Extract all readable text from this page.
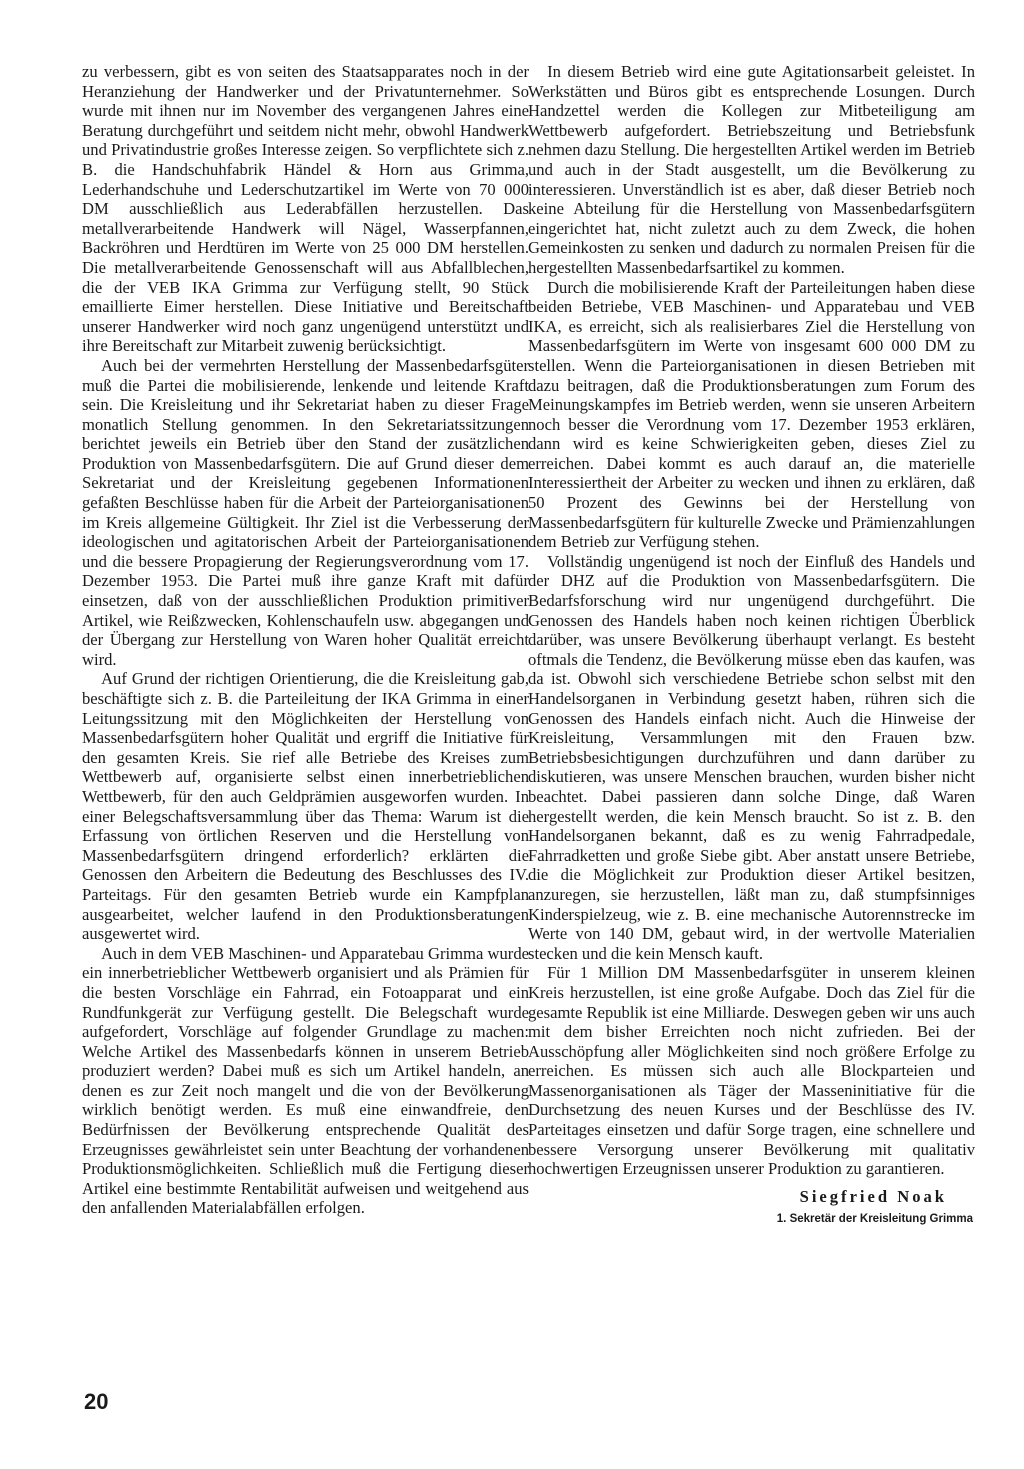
zu verbessern, gibt es von seiten des Staatsapparates noch in der Heranziehung der Handwerker und der Privatunternehmer. So wurde mit ihnen nur im November des vergangenen Jahres eine Beratung durchgeführt und seitdem nicht mehr, obwohl Handwerk und Privatindustrie großes Interesse zeigen. So verpflichtete sich z. B. die Handschuhfabrik Händel & Horn aus Grimma, Lederhandschuhe und Lederschutzartikel im Werte von 70 000 DM ausschließlich aus Lederabfällen herzustellen. Das metallverarbeitende Handwerk will Nägel, Wasserpfannen, Backröhren und Herdtüren im Werte von 25 000 DM herstellen. Die metallverarbeitende Genossenschaft will aus Abfallblechen, die der VEB IKA Grimma zur Verfügung stellt, 90 Stück emaillierte Eimer herstellen. Diese Initiative und Bereitschaft unserer Handwerker wird noch ganz ungenügend unterstützt und ihre Bereitschaft zur Mitarbeit zuwenig berücksichtigt.

Auch bei der vermehrten Herstellung der Massenbedarfsgüter muß die Partei die mobilisierende, lenkende und leitende Kraft sein. Die Kreisleitung und ihr Sekretariat haben zu dieser Frage monatlich Stellung genommen. In den Sekretariatssitzungen berichtet jeweils ein Betrieb über den Stand der zusätzlichen Produktion von Massenbedarfsgütern. Die auf Grund dieser dem Sekretariat und der Kreisleitung gegebenen Informationen gefaßten Beschlüsse haben für die Arbeit der Parteiorganisationen im Kreis allgemeine Gültigkeit. Ihr Ziel ist die Verbesserung der ideologischen und agitatorischen Arbeit der Parteiorganisationen und die bessere Propagierung der Regierungsverordnung vom 17. Dezember 1953. Die Partei muß ihre ganze Kraft mit dafür einsetzen, daß von der ausschließlichen Produktion primitiver Artikel, wie Reißzwecken, Kohlenschaufeln usw. abgegangen und der Übergang zur Herstellung von Waren hoher Qualität erreicht wird.

Auf Grund der richtigen Orientierung, die die Kreisleitung gab, beschäftigte sich z. B. die Parteileitung der IKA Grimma in einer Leitungssitzung mit den Möglichkeiten der Herstellung von Massenbedarfsgütern hoher Qualität und ergriff die Initiative für den gesamten Kreis. Sie rief alle Betriebe des Kreises zum Wettbewerb auf, organisierte selbst einen innerbetrieblichen Wettbewerb, für den auch Geldprämien ausgeworfen wurden. In einer Belegschaftsversammlung über das Thema: Warum ist die Erfassung von örtlichen Reserven und die Herstellung von Massenbedarfsgütern dringend erforderlich? erklärten die Genossen den Arbeitern die Bedeutung des Beschlusses des IV. Parteitags. Für den gesamten Betrieb wurde ein Kampfplan ausgearbeitet, welcher laufend in den Produktionsberatungen ausgewertet wird.

Auch in dem VEB Maschinen- und Apparatebau Grimma wurde ein innerbetrieblicher Wettbewerb organisiert und als Prämien für die besten Vorschläge ein Fahrrad, ein Fotoapparat und ein Rundfunkgerät zur Verfügung gestellt. Die Belegschaft wurde aufgefordert, Vorschläge auf folgender Grundlage zu machen: Welche Artikel des Massenbedarfs können in unserem Betrieb produziert werden? Dabei muß es sich um Artikel handeln, an denen es zur Zeit noch mangelt und die von der Bevölkerung wirklich benötigt werden. Es muß eine einwandfreie, den Bedürfnissen der Bevölkerung entsprechende Qualität des Erzeugnisses gewährleistet sein unter Beachtung der vorhandenen Produktionsmöglichkeiten. Schließlich muß die Fertigung dieser Artikel eine bestimmte Rentabilität aufweisen und weitgehend aus den anfallenden Materialabfällen erfolgen.

In diesem Betrieb wird eine gute Agitationsarbeit geleistet. In Werkstätten und Büros gibt es entsprechende Losungen. Durch Handzettel werden die Kollegen zur Mitbeteiligung am Wettbewerb aufgefordert. Betriebszeitung und Betriebsfunk nehmen dazu Stellung. Die hergestellten Artikel werden im Betrieb und auch in der Stadt ausgestellt, um die Bevölkerung zu interessieren. Unverständlich ist es aber, daß dieser Betrieb noch keine Abteilung für die Herstellung von Massenbedarfsgütern eingerichtet hat, nicht zuletzt auch zu dem Zweck, die hohen Gemeinkosten zu senken und dadurch zu normalen Preisen für die hergestellten Massenbedarfsartikel zu kommen.

Durch die mobilisierende Kraft der Parteileitungen haben diese beiden Betriebe, VEB Maschinen- und Apparatebau und VEB IKA, es erreicht, sich als realisierbares Ziel die Herstellung von Massenbedarfsgütern im Werte von insgesamt 600 000 DM zu stellen. Wenn die Parteiorganisationen in diesen Betrieben mit dazu beitragen, daß die Produktionsberatungen zum Forum des Meinungskampfes im Betrieb werden, wenn sie unseren Arbeitern noch besser die Verordnung vom 17. Dezember 1953 erklären, dann wird es keine Schwierigkeiten geben, dieses Ziel zu erreichen. Dabei kommt es auch darauf an, die materielle Interessiertheit der Arbeiter zu wecken und ihnen zu erklären, daß 50 Prozent des Gewinns bei der Herstellung von Massenbedarfsgütern für kulturelle Zwecke und Prämienzahlungen dem Betrieb zur Verfügung stehen.

Vollständig ungenügend ist noch der Einfluß des Handels und der DHZ auf die Produktion von Massenbedarfsgütern. Die Bedarfsforschung wird nur ungenügend durchgeführt. Die Genossen des Handels haben noch keinen richtigen Überblick darüber, was unsere Bevölkerung überhaupt verlangt. Es besteht oftmals die Tendenz, die Bevölkerung müsse eben das kaufen, was da ist. Obwohl sich verschiedene Betriebe schon selbst mit den Handelsorganen in Verbindung gesetzt haben, rühren sich die Genossen des Handels einfach nicht. Auch die Hinweise der Kreisleitung, Versammlungen mit den Frauen bzw. Betriebsbesichtigungen durchzuführen und dann darüber zu diskutieren, was unsere Menschen brauchen, wurden bisher nicht beachtet. Dabei passieren dann solche Dinge, daß Waren hergestellt werden, die kein Mensch braucht. So ist z. B. den Handelsorganen bekannt, daß es zu wenig Fahrradpedale, Fahrradketten und große Siebe gibt. Aber anstatt unsere Betriebe, die die Möglichkeit zur Produktion dieser Artikel besitzen, anzuregen, sie herzustellen, läßt man zu, daß stumpfsinniges Kinderspielzeug, wie z. B. eine mechanische Autorennstrecke im Werte von 140 DM, gebaut wird, in der wertvolle Materialien stecken und die kein Mensch kauft.

Für 1 Million DM Massenbedarfsgüter in unserem kleinen Kreis herzustellen, ist eine große Aufgabe. Doch das Ziel für die gesamte Republik ist eine Milliarde. Deswegen geben wir uns auch mit dem bisher Erreichten noch nicht zufrieden. Bei der Ausschöpfung aller Möglichkeiten sind noch größere Erfolge zu erreichen. Es müssen sich auch alle Blockparteien und Massenorganisationen als Täger der Masseninitiative für die Durchsetzung des neuen Kurses und der Beschlüsse des IV. Parteitages einsetzen und dafür Sorge tragen, eine schnellere und bessere Versorgung unserer Bevölkerung mit qualitativ hochwertigen Erzeugnissen unserer Produktion zu garantieren.

Siegfried Noak
1. Sekretär der Kreisleitung Grimma
20
